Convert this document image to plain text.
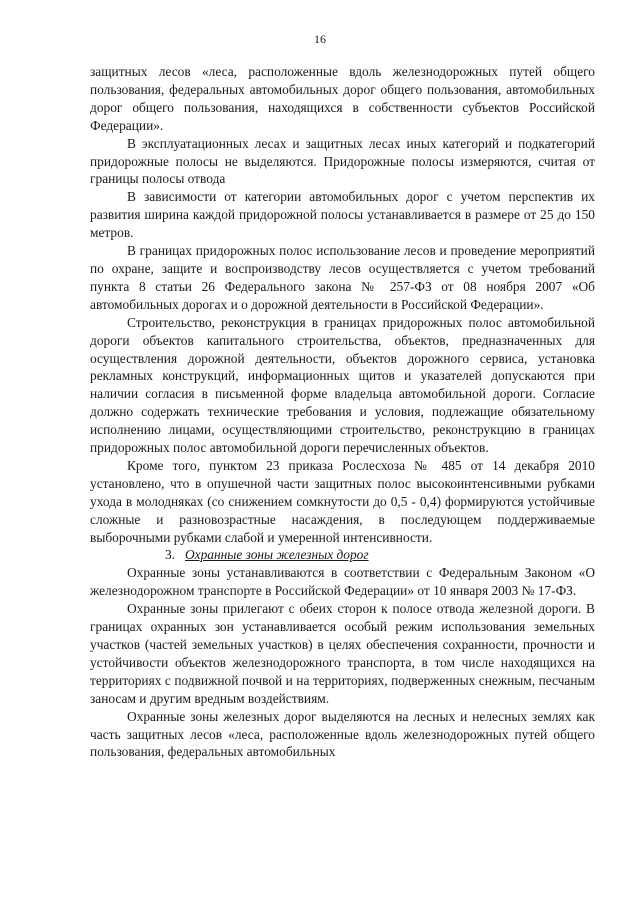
16

защитных лесов «леса, расположенные вдоль железнодорожных путей общего пользования, федеральных автомобильных дорог общего пользования, автомобильных дорог общего пользования, находящихся в собственности субъектов Российской Федерации».

В эксплуатационных лесах и защитных лесах иных категорий и подкатегорий придорожные полосы не выделяются. Придорожные полосы измеряются, считая от границы полосы отвода

В зависимости от категории автомобильных дорог с учетом перспектив их развития ширина каждой придорожной полосы устанавливается в размере от 25 до 150 метров.

В границах придорожных полос использование лесов и проведение мероприятий по охране, защите и воспроизводству лесов осуществляется с учетом требований пункта 8 статьи 26 Федерального закона № 257-ФЗ от 08 ноября 2007 «Об автомобильных дорогах и о дорожной деятельности в Российской Федерации».

Строительство, реконструкция в границах придорожных полос автомобильной дороги объектов капитального строительства, объектов, предназначенных для осуществления дорожной деятельности, объектов дорожного сервиса, установка рекламных конструкций, информационных щитов и указателей допускаются при наличии согласия в письменной форме владельца автомобильной дороги. Согласие должно содержать технические требования и условия, подлежащие обязательному исполнению лицами, осуществляющими строительство, реконструкцию в границах придорожных полос автомобильной дороги перечисленных объектов.

Кроме того, пунктом 23 приказа Рослесхоза № 485 от 14 декабря 2010 установлено, что в опушечной части защитных полос высокоинтенсивными рубками ухода в молодняках (со снижением сомкнутости до 0,5 - 0,4) формируются устойчивые сложные и разновозрастные насаждения, в последующем поддерживаемые выборочными рубками слабой и умеренной интенсивности.

3. Охранные зоны железных дорог

Охранные зоны устанавливаются в соответствии с Федеральным Законом «О железнодорожном транспорте в Российской Федерации» от 10 января 2003 № 17-ФЗ.

Охранные зоны прилегают с обеих сторон к полосе отвода железной дороги. В границах охранных зон устанавливается особый режим использования земельных участков (частей земельных участков) в целях обеспечения сохранности, прочности и устойчивости объектов железнодорожного транспорта, в том числе находящихся на территориях с подвижной почвой и на территориях, подверженных снежным, песчаным заносам и другим вредным воздействиям.

Охранные зоны железных дорог выделяются на лесных и нелесных землях как часть защитных лесов «леса, расположенные вдоль железнодорожных путей общего пользования, федеральных автомобильных
